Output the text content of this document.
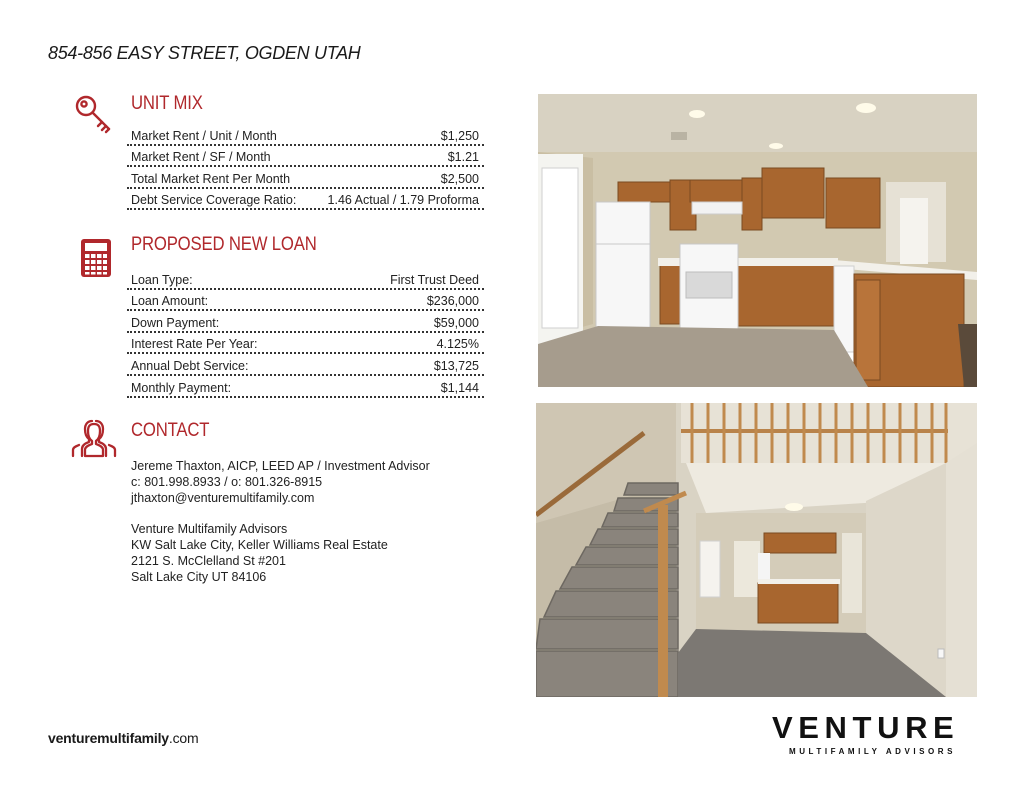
854-856 EASY STREET, OGDEN UTAH
UNIT MIX
Market Rent / Unit / Month	$1,250
Market Rent / SF / Month	$1.21
Total Market Rent Per Month	$2,500
Debt Service Coverage Ratio: 1.46 Actual / 1.79 Proforma
PROPOSED NEW LOAN
Loan Type:	First Trust Deed
Loan Amount:	$236,000
Down Payment:	$59,000
Interest Rate Per Year:	4.125%
Annual Debt Service:	$13,725
Monthly Payment:	$1,144
CONTACT
Jereme Thaxton, AICP, LEED AP / Investment Advisor
c: 801.998.8933 / o: 801.326-8915
jthaxton@venturemultifamily.com
Venture Multifamily Advisors
KW Salt Lake City, Keller Williams Real Estate
2121 S. McClelland St #201
Salt Lake City UT 84106
venturemultifamily.com	VENTURE
MULTIFAMILY ADVISORS
